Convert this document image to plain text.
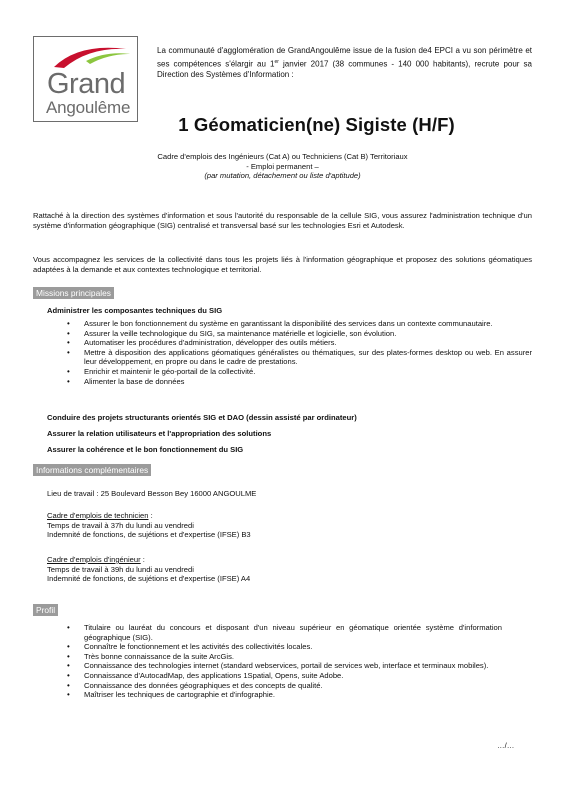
Grand
Angoulême
La communauté d'agglomération de GrandAngoulême issue de la fusion de4 EPCI a vu son périmètre et ses compétences s'élargir au 1er janvier 2017 (38 communes - 140 000 habitants), recrute pour sa Direction des Systèmes d'Information :
1 Géomaticien(ne) Sigiste (H/F)
Cadre d'emplois des Ingénieurs (Cat A) ou Techniciens (Cat B) Territoriaux
- Emploi permanent –
(par mutation, détachement ou liste d'aptitude)
Rattaché à la direction des systèmes d'information et sous l'autorité du responsable de la cellule SIG, vous assurez l'administration technique d'un système d'information géographique (SIG) centralisé et transversal basé sur les technologies Esri et Autodesk.
Vous accompagnez les services de la collectivité dans tous les projets liés à l'information géographique et proposez des solutions géomatiques adaptées à la demande et aux contextes technologique et territorial.
Missions principales
Administrer les composantes techniques du SIG
• Assurer le bon fonctionnement du système en garantissant la disponibilité des services dans un contexte communautaire.
• Assurer la veille technologique du SIG, sa maintenance matérielle et logicielle, son évolution.
• Automatiser les procédures d'administration, développer des outils métiers.
• Mettre à disposition des applications géomatiques généralistes ou thématiques, sur des plates-formes desktop ou web. En assurer leur développement, en propre ou dans le cadre de prestations.
• Enrichir et maintenir le géo-portail de la collectivité.
• Alimenter la base de données
Conduire des projets structurants orientés SIG et DAO (dessin assisté par ordinateur)
Assurer la relation utilisateurs et l'appropriation des solutions
Assurer la cohérence et le bon fonctionnement du SIG
Informations complémentaires
Lieu de travail : 25 Boulevard Besson Bey 16000 ANGOULME
Cadre d'emplois de technicien :
Temps de travail à 37h du lundi au vendredi
Indemnité de fonctions, de sujétions et d'expertise (IFSE) B3
Cadre d'emplois d'ingénieur :
Temps de travail à 39h du lundi au vendredi
Indemnité de fonctions, de sujétions et d'expertise (IFSE) A4
Profil
• Titulaire ou lauréat du concours et disposant d'un niveau supérieur en géomatique orientée système d'information géographique (SIG).
• Connaître le fonctionnement et les activités des collectivités locales.
• Très bonne connaissance de la suite ArcGis.
• Connaissance des technologies internet (standard webservices, portail de services web, interface et terminaux mobiles).
• Connaissance d'AutocadMap, des applications 1Spatial, Opens, suite Adobe.
• Connaissance des données géographiques et des concepts de qualité.
• Maîtriser les techniques de cartographie et d'infographie.
…/…
